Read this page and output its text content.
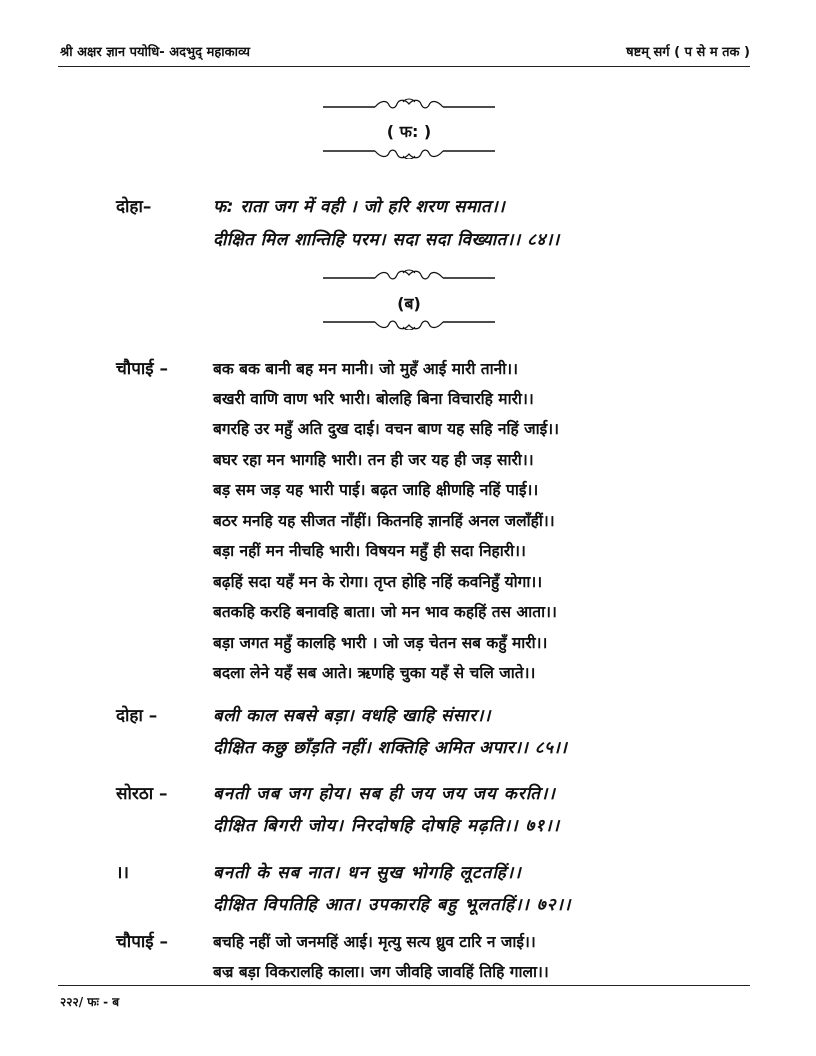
श्री अक्षर ज्ञान पयोधि- अदभुद् महाकाव्य	षष्टम् सर्ग ( प से म तक )
( फ: )
दोहा–	फ: राता जग में वही । जो हरि शरण समात।।
दीक्षित मिल शान्तिहि परम। सदा सदा विख्यात।। ८४।।
(ब)
चौपाई –	बक बक बानी बह मन मानी। जो मुहँ आई मारी तानी।।
बखरी वाणि वाण भरि भारी। बोलहि बिना विचारहि मारी।।
बगरहि उर महुँ अति दुख दाई। वचन बाण यह सहि नहिं जाई।।
बघर रहा मन भागहि भारी। तन ही जर यह ही जड़ सारी।।
बड़ सम जड़ यह भारी पाई। बढ़त जाहि क्षीणहि नहिं पाई।।
बठर मनहि यह सीजत नाँहीं। कितनहि ज्ञानहिं अनल जलाँहीं।।
बड़ा नहीं मन नीचहि भारी। विषयन महुँ ही सदा निहारी।।
बढ़हिं सदा यहँ मन के रोगा। तृप्त होहि नहिं कवनिहुँ योगा।।
बतकहि करहि बनावहि बाता। जो मन भाव कहहिं तस आता।।
बड़ा जगत महुँ कालहि भारी । जो जड़ चेतन सब कहुँ मारी।।
बदला लेने यहँ सब आते। ऋणहि चुका यहँ से चलि जाते।।
दोहा –	बली काल सबसे बड़ा। वधहि खाहि संसार।।
दीक्षित कछु छाँड़ति नहीं। शक्तिहि अमित अपार।। ८५।।
सोरठा –	बनती जब जग होय। सब ही जय जय जय करति।।
दीक्षित बिगरी जोय। निरदोषहि दोषहि मढ़ति।। ७१।।
।।	बनती के सब नात। धन सुख भोगहि लूटतहिं।।
दीक्षित विपतिहि आत। उपकारहि बहु भूलतहिं।। ७२।।
चौपाई –	बचहि नहीं जो जनमहिं आई। मृत्यु सत्य ध्रुव टारि न जाई।।
बज्र बड़ा विकरालहि काला। जग जीवहि जावहिं तिहि गाला।।
२२२/ फः - ब
